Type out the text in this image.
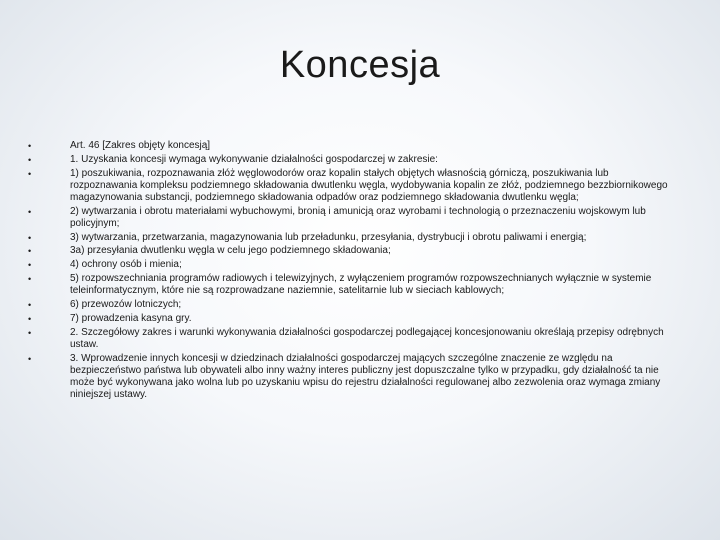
Koncesja
•	Art. 46 [Zakres objęty koncesją]
•	1. Uzyskania koncesji wymaga wykonywanie działalności gospodarczej w zakresie:
•	1) poszukiwania, rozpoznawania złóż węglowodorów oraz kopalin stałych objętych własnością górniczą, poszukiwania lub rozpoznawania kompleksu podziemnego składowania dwutlenku węgla, wydobywania kopalin ze złóż, podziemnego bezzbiornikowego magazynowania substancji, podziemnego składowania odpadów oraz podziemnego składowania dwutlenku węgla;
•	2) wytwarzania i obrotu materiałami wybuchowymi, bronią i amunicją oraz wyrobami i technologią o przeznaczeniu wojskowym lub policyjnym;
•	3) wytwarzania, przetwarzania, magazynowania lub przeładunku, przesyłania, dystrybucji i obrotu paliwami i energią;
•	3a) przesyłania dwutlenku węgla w celu jego podziemnego składowania;
•	4) ochrony osób i mienia;
•	5) rozpowszechniania programów radiowych i telewizyjnych, z wyłączeniem programów rozpowszechnianych wyłącznie w systemie teleinformatycznym, które nie są rozprowadzane naziemnie, satelitarnie lub w sieciach kablowych;
•	6) przewozów lotniczych;
•	7) prowadzenia kasyna gry.
•	2. Szczegółowy zakres i warunki wykonywania działalności gospodarczej podlegającej koncesjonowaniu określają przepisy odrębnych ustaw.
•	3. Wprowadzenie innych koncesji w dziedzinach działalności gospodarczej mających szczególne znaczenie ze względu na bezpieczeństwo państwa lub obywateli albo inny ważny interes publiczny jest dopuszczalne tylko w przypadku, gdy działalność ta nie może być wykonywana jako wolna lub po uzyskaniu wpisu do rejestru działalności regulowanej albo zezwolenia oraz wymaga zmiany niniejszej ustawy.
